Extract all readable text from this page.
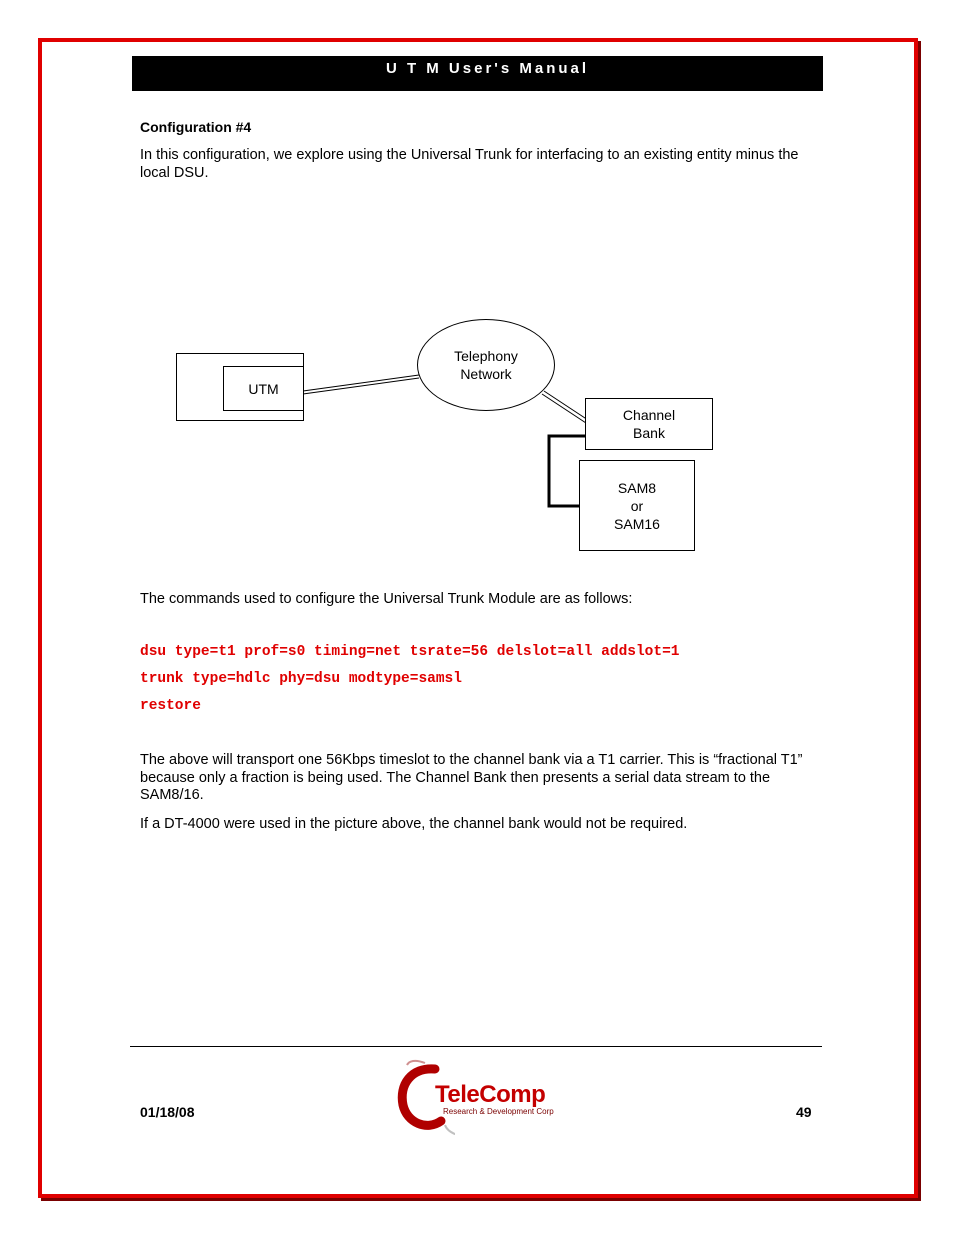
U T M User's Manual
Configuration #4

In this configuration, we explore using the Universal Trunk for interfacing to an existing entity minus the local DSU.

UTM
Telephony
Network
Channel
Bank
SAM8
or
SAM16

The commands used to configure the Universal Trunk Module are as follows:

dsu type=t1 prof=s0 timing=net tsrate=56 delslot=all addslot=1
trunk type=hdlc phy=dsu modtype=samsl
restore

The above will transport one 56Kbps timeslot to the channel bank via a T1 carrier. This is “fractional T1” because only a fraction is being used. The Channel Bank then presents a serial data stream to the SAM8/16.

If a DT-4000 were used in the picture above, the channel bank would not be required.

01/18/08
TeleComp
Research & Development Corp	49
